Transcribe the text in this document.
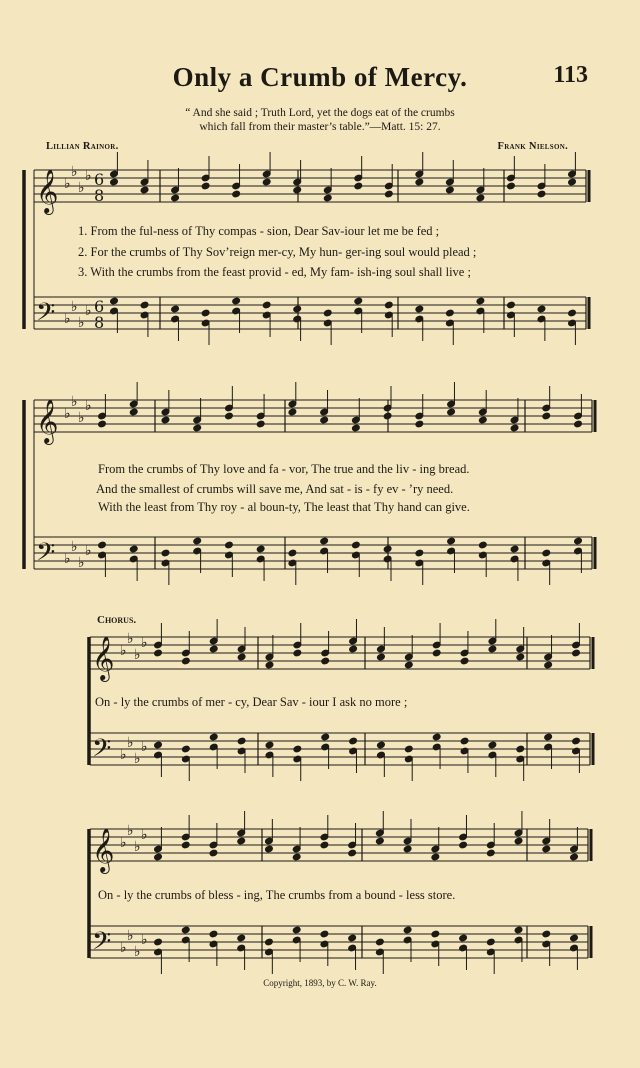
Only a Crumb of Mercy.	113
“ And she said ; Truth Lord, yet the dogs eat of the crumbs
which fall from their master’s table.”—Matt. 15: 27.
Lillian Rainor.	Frank Nielson.
𝄞
𝄢
♭
♭
♭
♭
♭
♭
♭
♭
6
8
6
8
𝄞
𝄢
♭
♭
♭
♭
♭
♭
♭
♭
𝄞
𝄢
♭
♭
♭
♭
♭
♭
♭
♭
𝄞
𝄢
♭
♭
♭
♭
♭
♭
♭
♭
1. From the ful-ness of Thy compas - sion, Dear Sav-iour let me be fed ;
2. For the crumbs of Thy Sov’reign mer-cy, My hun- ger-ing soul would plead ;
3. With the crumbs from the feast provid - ed, My fam- ish-ing soul shall live ;
From the crumbs of Thy love and fa - vor, The true and the liv - ing bread.
And the smallest of crumbs will save me, And sat - is - fy ev - ’ry need.
With the least from Thy roy - al boun-ty, The least that Thy hand can give.
Chorus.
On - ly the crumbs of mer - cy, Dear Sav - iour I ask no more ;
On - ly the crumbs of bless - ing, The crumbs from a bound - less store.
Copyright, 1893, by C. W. Ray.
